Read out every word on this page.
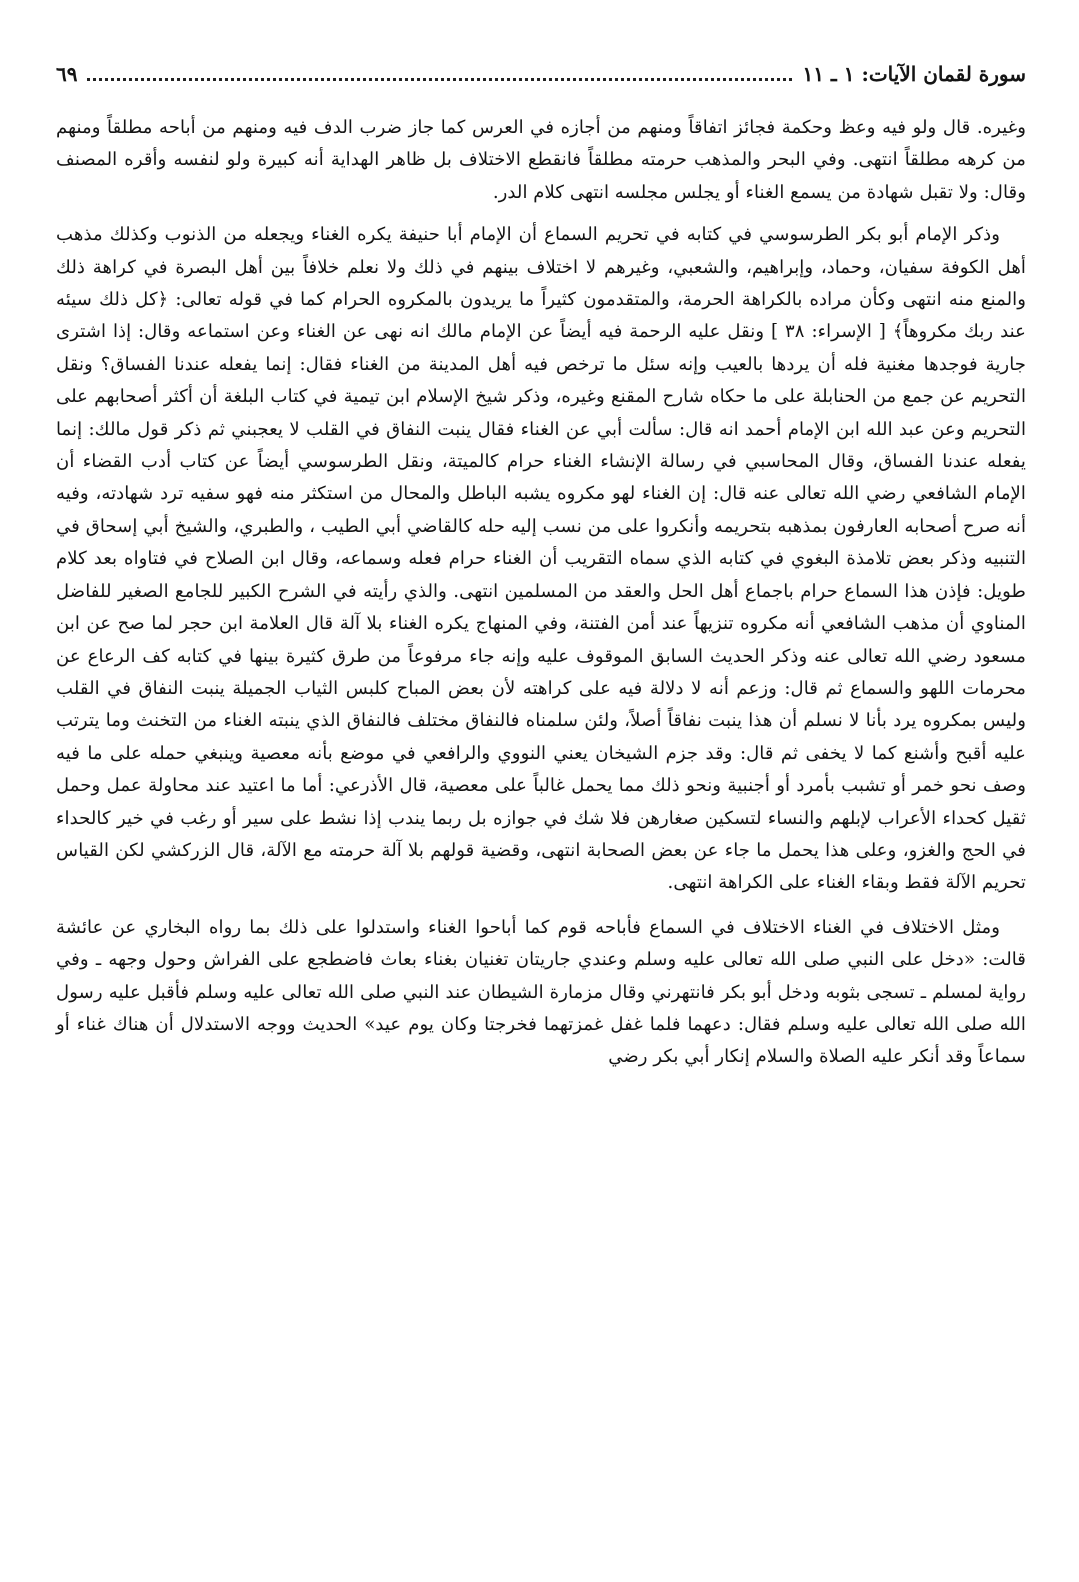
سورة لقمان الآيات: ١ ـ ١١
٦٩

وغيره. قال ولو فيه وعظ وحكمة فجائز اتفاقاً ومنهم من أجازه في العرس كما جاز ضرب الدف فيه ومنهم من أباحه مطلقاً ومنهم من كرهه مطلقاً انتهى. وفي البحر والمذهب حرمته مطلقاً فانقطع الاختلاف بل ظاهر الهداية أنه كبيرة ولو لنفسه وأقره المصنف وقال: ولا تقبل شهادة من يسمع الغناء أو يجلس مجلسه انتهى كلام الدر.

وذكر الإمام أبو بكر الطرسوسي في كتابه في تحريم السماع أن الإمام أبا حنيفة يكره الغناء ويجعله من الذنوب وكذلك مذهب أهل الكوفة سفيان، وحماد، وإبراهيم، والشعبي، وغيرهم لا اختلاف بينهم في ذلك ولا نعلم خلافاً بين أهل البصرة في كراهة ذلك والمنع منه انتهى وكأن مراده بالكراهة الحرمة، والمتقدمون كثيراً ما يريدون بالمكروه الحرام كما في قوله تعالى: ﴿كل ذلك سيئه عند ربك مكروهاً﴾ [ الإسراء: ٣٨ ] ونقل عليه الرحمة فيه أيضاً عن الإمام مالك انه نهى عن الغناء وعن استماعه وقال: إذا اشترى جارية فوجدها مغنية فله أن يردها بالعيب وإنه سئل ما ترخص فيه أهل المدينة من الغناء فقال: إنما يفعله عندنا الفساق؟ ونقل التحريم عن جمع من الحنابلة على ما حكاه شارح المقنع وغيره، وذكر شيخ الإسلام ابن تيمية في كتاب البلغة أن أكثر أصحابهم على التحريم وعن عبد الله ابن الإمام أحمد انه قال: سألت أبي عن الغناء فقال ينبت النفاق في القلب لا يعجبني ثم ذكر قول مالك: إنما يفعله عندنا الفساق، وقال المحاسبي في رسالة الإنشاء الغناء حرام كالميتة، ونقل الطرسوسي أيضاً عن كتاب أدب القضاء أن الإمام الشافعي رضي الله تعالى عنه قال: إن الغناء لهو مكروه يشبه الباطل والمحال من استكثر منه فهو سفيه ترد شهادته، وفيه أنه صرح أصحابه العارفون بمذهبه بتحريمه وأنكروا على من نسب إليه حله كالقاضي أبي الطيب ، والطبري، والشيخ أبي إسحاق في التنبيه وذكر بعض تلامذة البغوي في كتابه الذي سماه التقريب أن الغناء حرام فعله وسماعه، وقال ابن الصلاح في فتاواه بعد كلام طويل: فإذن هذا السماع حرام باجماع أهل الحل والعقد من المسلمين انتهى. والذي رأيته في الشرح الكبير للجامع الصغير للفاضل المناوي أن مذهب الشافعي أنه مكروه تنزيهاً عند أمن الفتنة، وفي المنهاج يكره الغناء بلا آلة قال العلامة ابن حجر لما صح عن ابن مسعود رضي الله تعالى عنه وذكر الحديث السابق الموقوف عليه وإنه جاء مرفوعاً من طرق كثيرة بينها في كتابه كف الرعاع عن محرمات اللهو والسماع ثم قال: وزعم أنه لا دلالة فيه على كراهته لأن بعض المباح كلبس الثياب الجميلة ينبت النفاق في القلب وليس بمكروه يرد بأنا لا نسلم أن هذا ينبت نفاقاً أصلاً، ولئن سلمناه فالنفاق مختلف فالنفاق الذي ينبته الغناء من التخنث وما يترتب عليه أقبح وأشنع كما لا يخفى ثم قال: وقد جزم الشيخان يعني النووي والرافعي في موضع بأنه معصية وينبغي حمله على ما فيه وصف نحو خمر أو تشبب بأمرد أو أجنبية ونحو ذلك مما يحمل غالباً على معصية، قال الأذرعي: أما ما اعتيد عند محاولة عمل وحمل ثقيل كحداء الأعراب لإبلهم والنساء لتسكين صغارهن فلا شك في جوازه بل ربما يندب إذا نشط على سير أو رغب في خير كالحداء في الحج والغزو، وعلى هذا يحمل ما جاء عن بعض الصحابة انتهى، وقضية قولهم بلا آلة حرمته مع الآلة، قال الزركشي لكن القياس تحريم الآلة فقط وبقاء الغناء على الكراهة انتهى.

ومثل الاختلاف في الغناء الاختلاف في السماع فأباحه قوم كما أباحوا الغناء واستدلوا على ذلك بما رواه البخاري عن عائشة قالت: «دخل على النبي صلى الله تعالى عليه وسلم وعندي جاريتان تغنيان بغناء بعاث فاضطجع على الفراش وحول وجهه ـ وفي رواية لمسلم ـ تسجى بثوبه ودخل أبو بكر فانتهرني وقال مزمارة الشيطان عند النبي صلى الله تعالى عليه وسلم فأقبل عليه رسول الله صلى الله تعالى عليه وسلم فقال: دعهما فلما غفل غمزتهما فخرجتا وكان يوم عيد» الحديث ووجه الاستدلال أن هناك غناء أو سماعاً وقد أنكر عليه الصلاة والسلام إنكار أبي بكر رضي
